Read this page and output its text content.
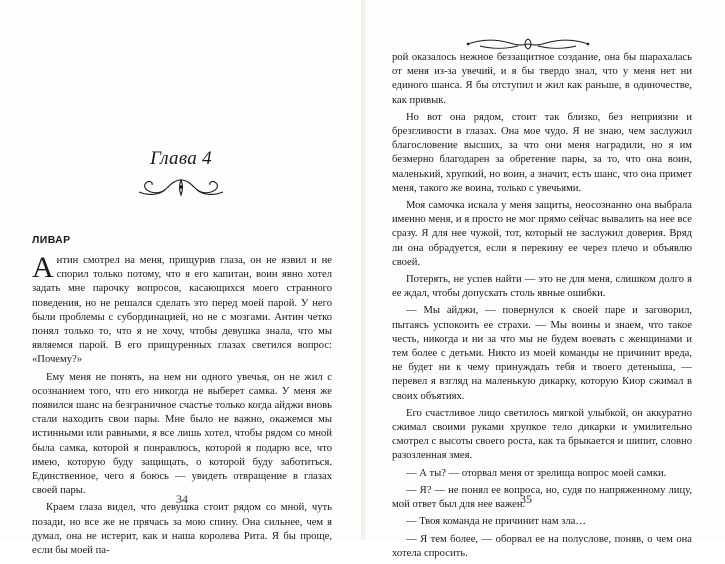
Глава 4
ЛИВАР

Антин смотрел на меня, прищурив глаза, он не язвил и не спорил только потому, что я его капитан, воин явно хотел задать мне парочку вопросов, касающихся моего странного поведения, но не решался сделать это перед моей парой. У него были проблемы с субординацией, но не с мозгами. Антин четко понял только то, что я не хочу, чтобы девушка знала, что мы являемся парой. В его прищуренных глазах светился вопрос: «Почему?»

Ему меня не понять, на нем ни одного увечья, он не жил с осознанием того, что его никогда не выберет самка. У меня же появился шанс на безграничное счастье только когда айджи вновь стали находить свои пары. Мне было не важно, окажемся мы истинными или равными, я все лишь хотел, чтобы рядом со мной была самка, которой я понравлюсь, которой я подарю все, что имею, которую буду защищать, о которой буду заботиться. Единственное, чего я боюсь — увидеть отвращение в глазах своей пары.

Краем глаза видел, что девушка стоит рядом со мной, чуть позади, но все же не прячась за мою спину. Она сильнее, чем я думал, она не истерит, как и наша королева Рита. Я бы проще, если бы моей па-

34

рой оказалось нежное беззащитное создание, она бы шарахалась от меня из-за увечий, и я бы твердо знал, что у меня нет ни единого шанса. Я бы отступил и жил как раньше, в одиночестве, как привык.

Но вот она рядом, стоит так близко, без неприязни и брезгливости в глазах. Она мое чудо. Я не знаю, чем заслужил благословение высших, за что они меня наградили, но я им безмерно благодарен за обретение пары, за то, что она воин, маленький, хрупкий, но воин, а значит, есть шанс, что она примет меня, такого же воина, только с увечьями.

Моя самочка искала у меня защиты, неосознанно она выбрала именно меня, и я просто не мог прямо сейчас вывалить на нее все сразу. Я для нее чужой, тот, который не заслужил доверия. Вряд ли она обрадуется, если я перекину ее через плечо и объявлю своей.

Потерять, не успев найти — это не для меня, слишком долго я ее ждал, чтобы допускать столь явные ошибки.

— Мы айджи, — повернулся к своей паре и заговорил, пытаясь успокоить ее страхи. — Мы воины и знаем, что такое честь, никогда и ни за что мы не будем воевать с женщинами и тем более с детьми. Никто из моей команды не причинит вреда, не будет ни к чему принуждать тебя и твоего детеныша, — перевел я взгляд на маленькую дикарку, которую Киор сжимал в своих объятиях.

Его счастливое лицо светилось мягкой улыбкой, он аккуратно сжимал своими руками хрупкое тело дикарки и умилительно смотрел с высоты своего роста, как та брыкается и шипит, словно разозленная змея.

— А ты? — оторвал меня от зрелища вопрос моей самки.

— Я? — не понял ее вопроса, но, судя по напряженному лицу, мой ответ был для нее важен.

— Твоя команда не причинит нам зла…

— Я тем более, — оборвал ее на полуслове, поняв, о чем она хотела спросить.

35
